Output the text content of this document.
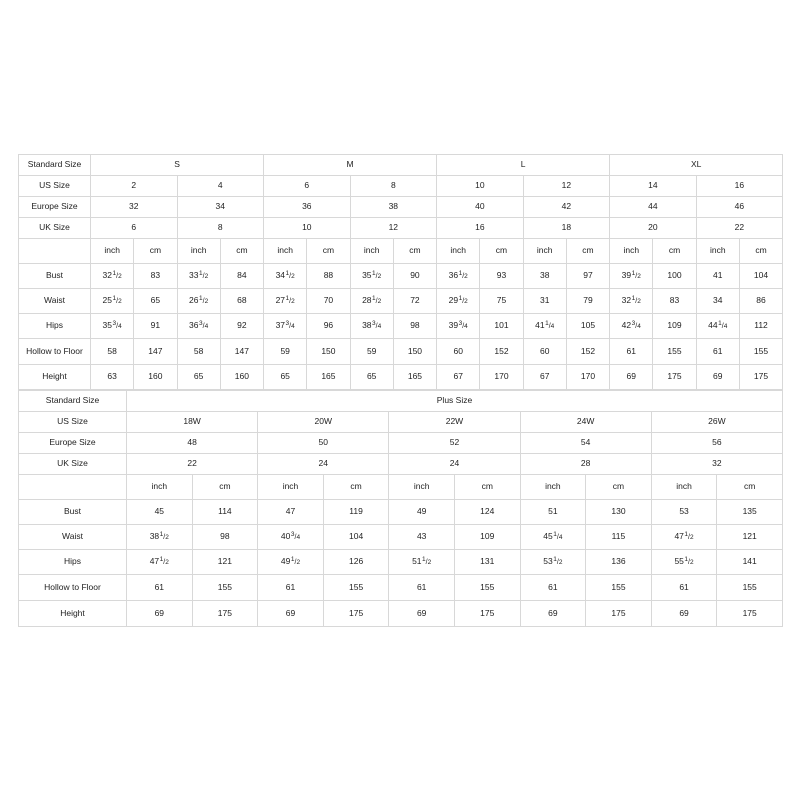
Standard Size	S				M				L				XL			
US Size	2		4		6		8		10		12		14		16	
Europe Size	32		34		36		38		40		42		44		46	
UK Size	6		8		10		12		16		18		20		22	
	inch	cm	inch	cm	inch	cm	inch	cm	inch	cm	inch	cm	inch	cm	inch	cm
Bust	$32^1/2$	83	$33^1/2$	84	$34^1/2$	88	$35^1/2$	90	$36^1/2$	93	38	97	$39^1/2$	100	41	104
Waist	$25^1/2$	65	$26^1/2$	68	$27^1/2$	70	$28^1/2$	72	$29^1/2$	75	31	79	$32^1/2$	83	34	86
Hips	$35^3/4$	91	$36^3/4$	92	$37^3/4$	96	$38^3/4$	98	$39^3/4$	101	$41^1/4$	105	$42^3/4$	109	$44^1/4$	112
Hollow to Floor	58	147	58	147	59	150	59	150	60	152	60	152	61	155	61	155
Height	63	160	65	160	65	165	65	165	67	170	67	170	69	175	69	175
Standard Size	Plus Size									
US Size	18W		20W		22W		24W		26W	
Europe Size	48		50		52		54		56	
UK Size	22		24		24		28		32	
	inch	cm	inch	cm	inch	cm	inch	cm	inch	cm
Bust	45	114	47	119	49	124	51	130	53	135
Waist	$38^1/2$	98	$40^3/4$	104	43	109	$45^1/4$	115	$47^1/2$	121
Hips	$47^1/2$	121	$49^1/2$	126	$51^1/2$	131	$53^1/2$	136	$55^1/2$	141
Hollow to Floor	61	155	61	155	61	155	61	155	61	155
Height	69	175	69	175	69	175	69	175	69	175
